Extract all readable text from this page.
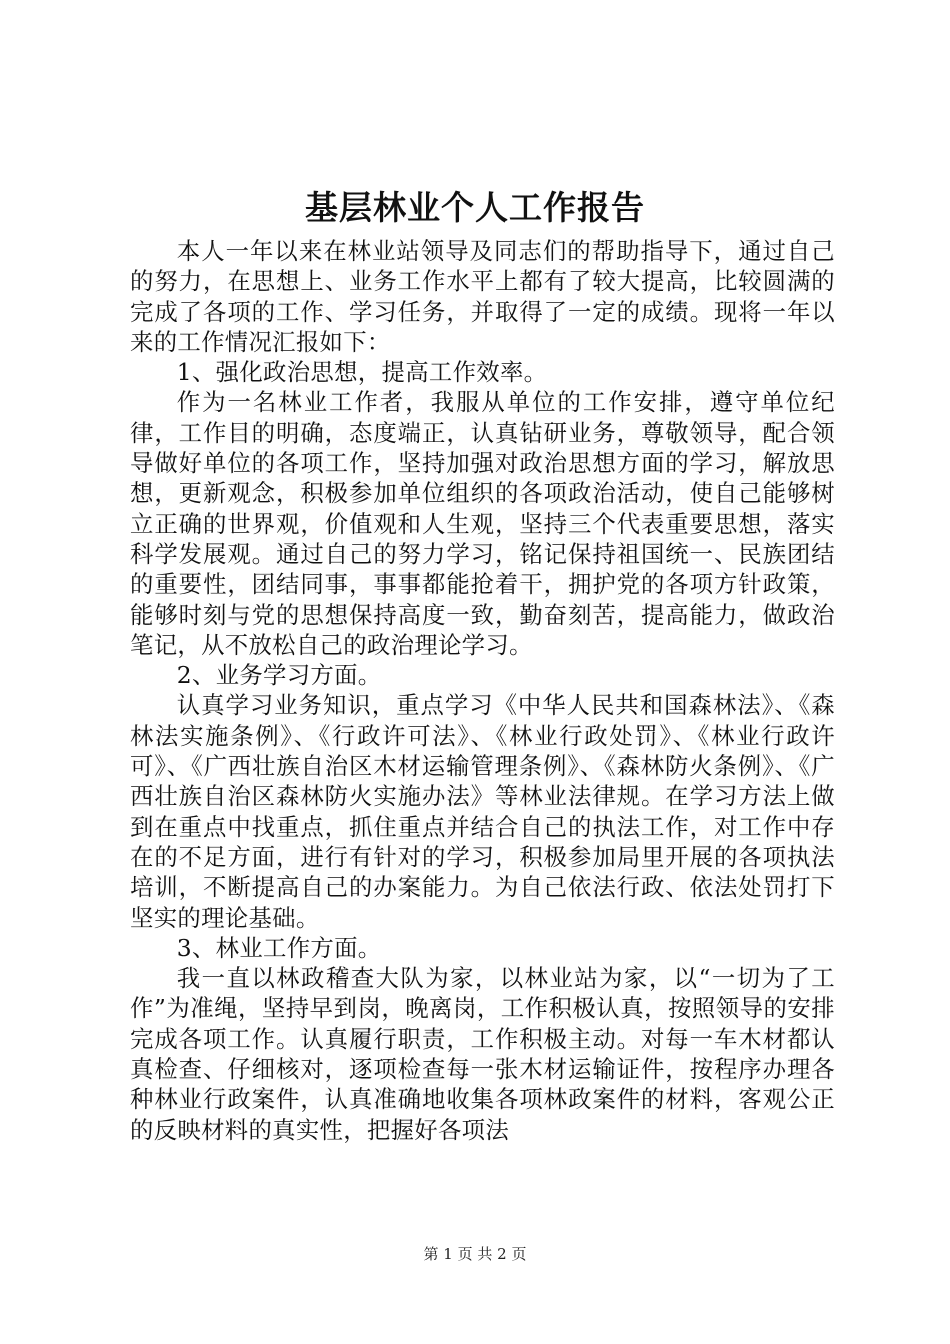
基层林业个人工作报告

本人一年以来在林业站领导及同志们的帮助指导下，通过自己的努力，在思想上、业务工作水平上都有了较大提高，比较圆满的完成了各项的工作、学习任务，并取得了一定的成绩。现将一年以来的工作情况汇报如下：

1、强化政治思想，提高工作效率。

作为一名林业工作者，我服从单位的工作安排，遵守单位纪律，工作目的明确，态度端正，认真钻研业务，尊敬领导，配合领导做好单位的各项工作，坚持加强对政治思想方面的学习，解放思想，更新观念，积极参加单位组织的各项政治活动，使自己能够树立正确的世界观，价值观和人生观，坚持三个代表重要思想，落实科学发展观。通过自己的努力学习，铭记保持祖国统一、民族团结的重要性，团结同事，事事都能抢着干，拥护党的各项方针政策，能够时刻与党的思想保持高度一致，勤奋刻苦，提高能力，做政治笔记，从不放松自己的政治理论学习。

2、业务学习方面。

认真学习业务知识，重点学习《中华人民共和国森林法》、《森林法实施条例》、《行政许可法》、《林业行政处罚》、《林业行政许可》、《广西壮族自治区木材运输管理条例》、《森林防火条例》、《广西壮族自治区森林防火实施办法》等林业法律规。在学习方法上做到在重点中找重点，抓住重点并结合自己的执法工作，对工作中存在的不足方面，进行有针对的学习，积极参加局里开展的各项执法培训，不断提高自己的办案能力。为自己依法行政、依法处罚打下坚实的理论基础。

3、林业工作方面。

我一直以林政稽查大队为家，以林业站为家，以“一切为了工作”为准绳，坚持早到岗，晚离岗，工作积极认真，按照领导的安排完成各项工作。认真履行职责，工作积极主动。对每一车木材都认真检查、仔细核对，逐项检查每一张木材运输证件，按程序办理各种林业行政案件，认真准确地收集各项林政案件的材料，客观公正的反映材料的真实性，把握好各项法

第 1 页 共 2 页
